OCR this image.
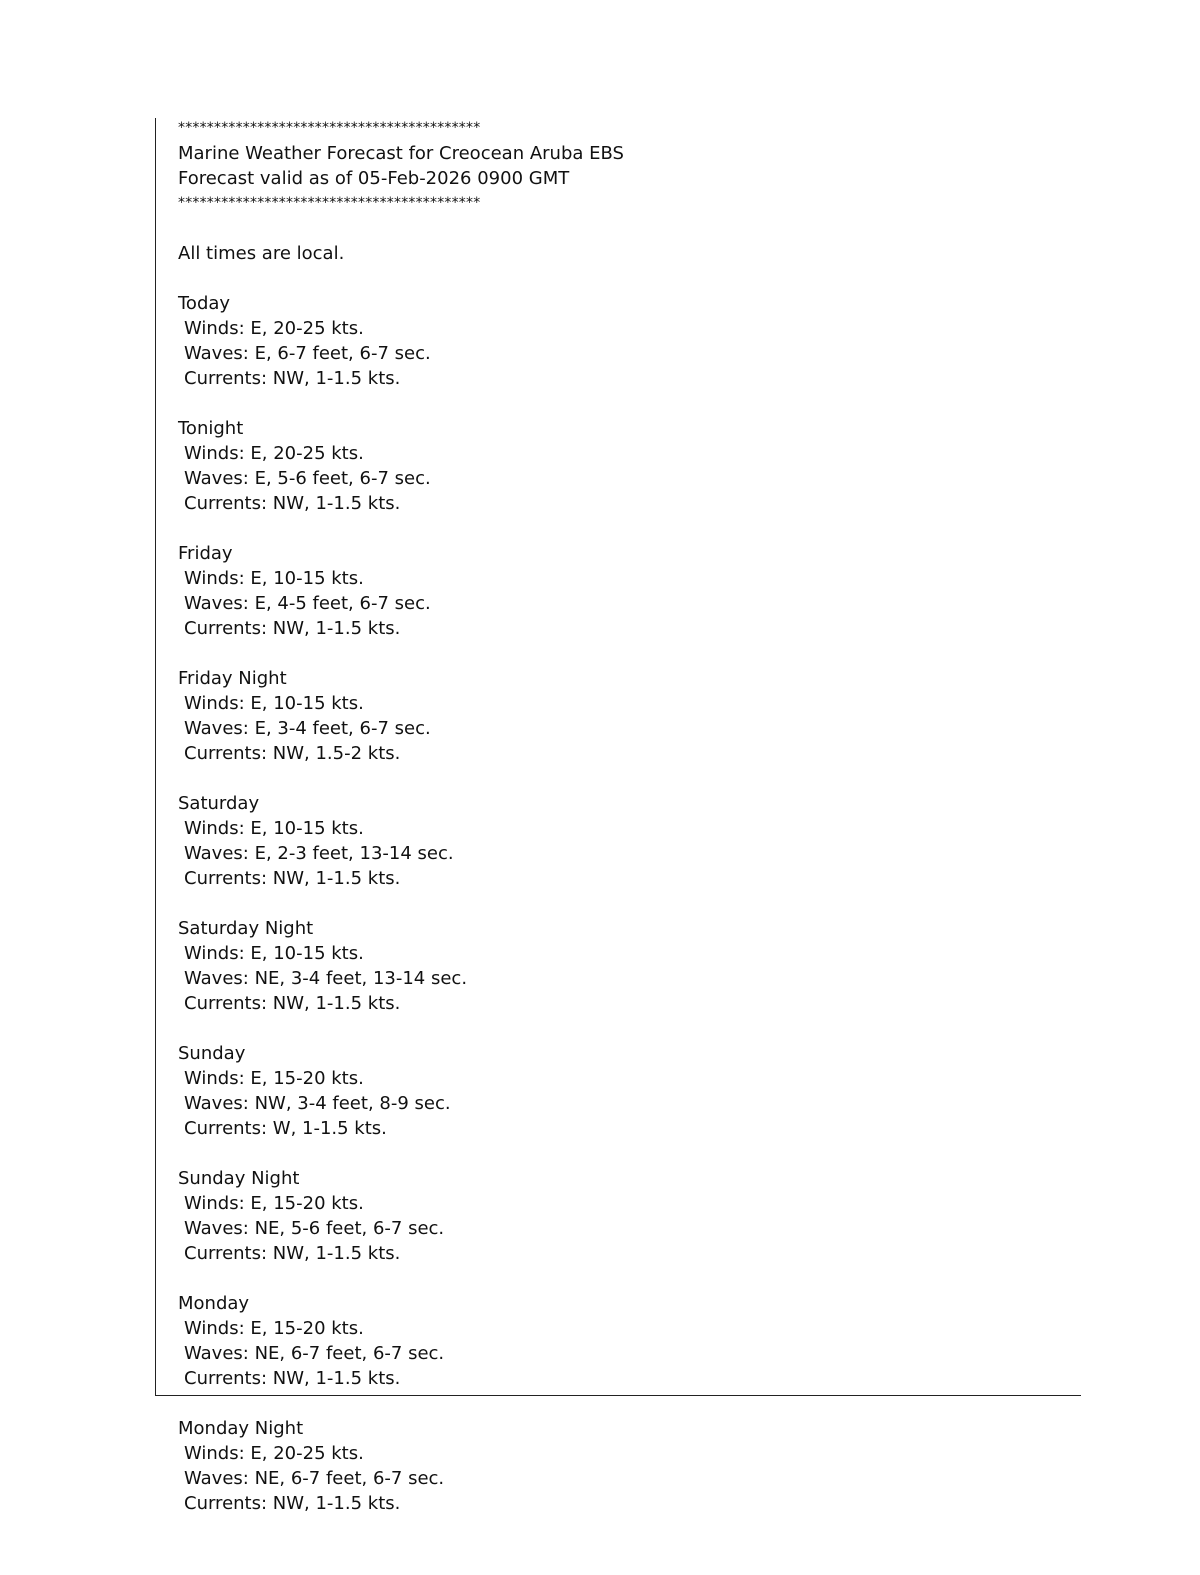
******************************************
Marine Weather Forecast for Creocean Aruba EBS
Forecast valid as of 05-Feb-2026 0900 GMT
******************************************
All times are local.
Today
Winds: E, 20-25 kts.
Waves: E, 6-7 feet, 6-7 sec.
Currents: NW, 1-1.5 kts.
Tonight
Winds: E, 20-25 kts.
Waves: E, 5-6 feet, 6-7 sec.
Currents: NW, 1-1.5 kts.
Friday
Winds: E, 10-15 kts.
Waves: E, 4-5 feet, 6-7 sec.
Currents: NW, 1-1.5 kts.
Friday Night
Winds: E, 10-15 kts.
Waves: E, 3-4 feet, 6-7 sec.
Currents: NW, 1.5-2 kts.
Saturday
Winds: E, 10-15 kts.
Waves: E, 2-3 feet, 13-14 sec.
Currents: NW, 1-1.5 kts.
Saturday Night
Winds: E, 10-15 kts.
Waves: NE, 3-4 feet, 13-14 sec.
Currents: NW, 1-1.5 kts.
Sunday
Winds: E, 15-20 kts.
Waves: NW, 3-4 feet, 8-9 sec.
Currents: W, 1-1.5 kts.
Sunday Night
Winds: E, 15-20 kts.
Waves: NE, 5-6 feet, 6-7 sec.
Currents: NW, 1-1.5 kts.
Monday
Winds: E, 15-20 kts.
Waves: NE, 6-7 feet, 6-7 sec.
Currents: NW, 1-1.5 kts.
Monday Night
Winds: E, 20-25 kts.
Waves: NE, 6-7 feet, 6-7 sec.
Currents: NW, 1-1.5 kts.
